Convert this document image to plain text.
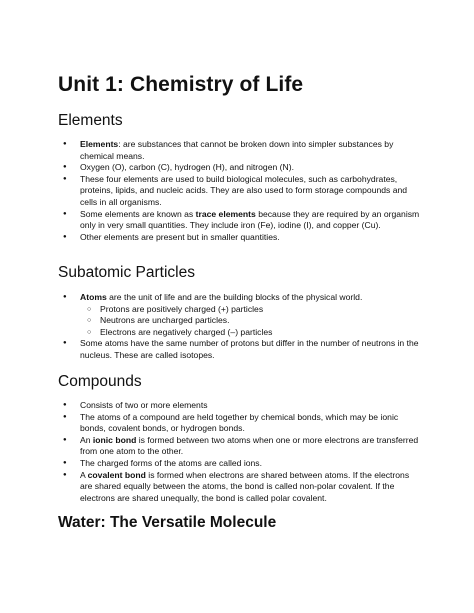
Unit 1: Chemistry of Life
Elements
● Elements: are substances that cannot be broken down into simpler substances by chemical means.
● Oxygen (O), carbon (C), hydrogen (H), and nitrogen (N).
● These four elements are used to build biological molecules, such as carbohydrates, proteins, lipids, and nucleic acids. They are also used to form storage compounds and cells in all organisms.
● Some elements are known as trace elements because they are required by an organism only in very small quantities. They include iron (Fe), iodine (I), and copper (Cu).
● Other elements are present but in smaller quantities.
Subatomic Particles
● Atoms are the unit of life and are the building blocks of the physical world.
○ Protons are positively charged (+) particles
○ Neutrons are uncharged particles.
○ Electrons are negatively charged (–) particles
● Some atoms have the same number of protons but differ in the number of neutrons in the nucleus. These are called isotopes.
Compounds
● Consists of two or more elements
● The atoms of a compound are held together by chemical bonds, which may be ionic bonds, covalent bonds, or hydrogen bonds.
● An ionic bond is formed between two atoms when one or more electrons are transferred from one atom to the other.
● The charged forms of the atoms are called ions.
● A covalent bond is formed when electrons are shared between atoms. If the electrons are shared equally between the atoms, the bond is called non-polar covalent. If the electrons are shared unequally, the bond is called polar covalent.
Water: The Versatile Molecule
